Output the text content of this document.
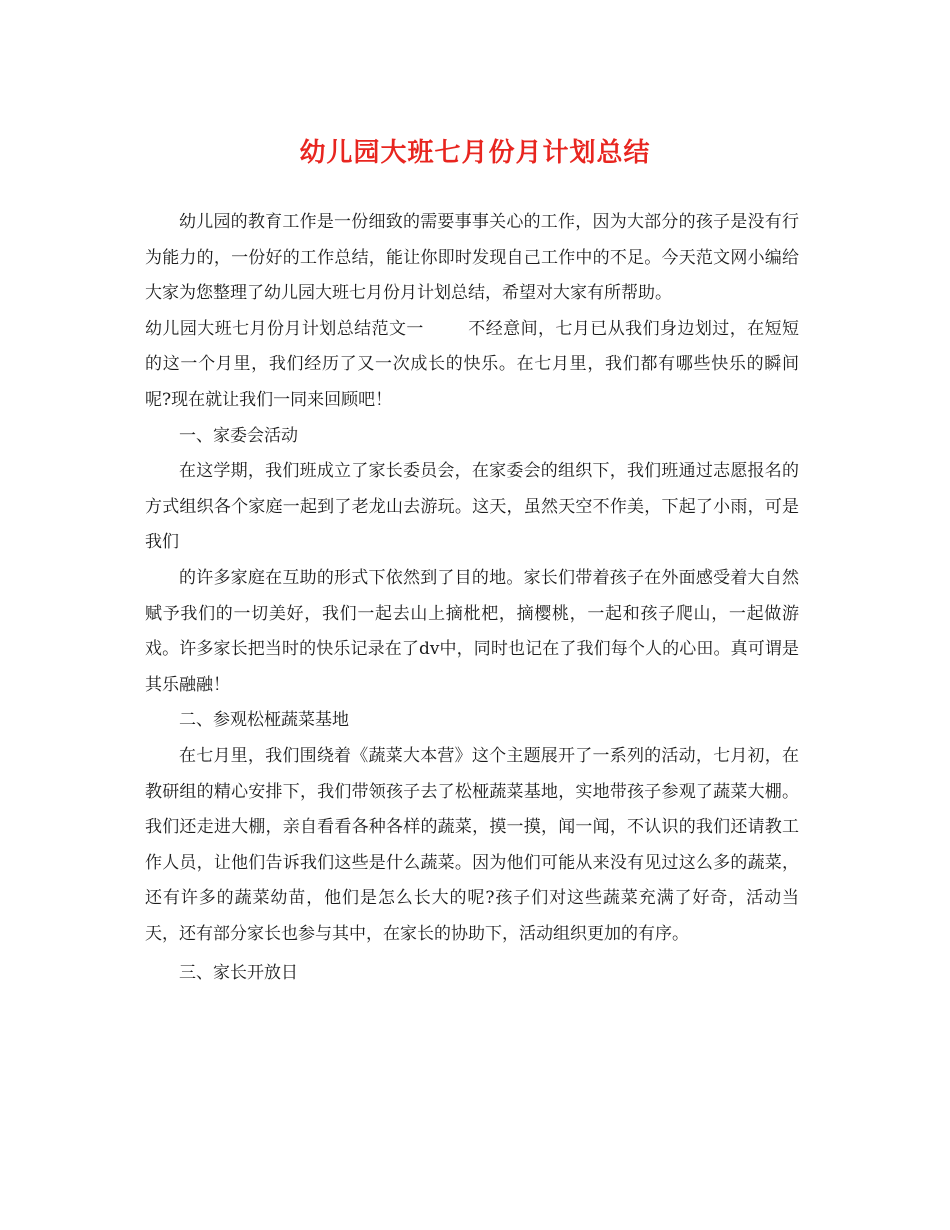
幼儿园大班七月份月计划总结

幼儿园的教育工作是一份细致的需要事事关心的工作，因为大部分的孩子是没有行为能力的，一份好的工作总结，能让你即时发现自己工作中的不足。今天范文网小编给大家为您整理了幼儿园大班七月份月计划总结，希望对大家有所帮助。

幼儿园大班七月份月计划总结范文一	不经意间，七月已从我们身边划过，在短短的这一个月里，我们经历了又一次成长的快乐。在七月里，我们都有哪些快乐的瞬间呢?现在就让我们一同来回顾吧！

一、家委会活动

在这学期，我们班成立了家长委员会，在家委会的组织下，我们班通过志愿报名的方式组织各个家庭一起到了老龙山去游玩。这天，虽然天空不作美，下起了小雨，可是我们

的许多家庭在互助的形式下依然到了目的地。家长们带着孩子在外面感受着大自然赋予我们的一切美好，我们一起去山上摘枇杷，摘樱桃，一起和孩子爬山，一起做游戏。许多家长把当时的快乐记录在了dv中，同时也记在了我们每个人的心田。真可谓是其乐融融！

二、参观松桠蔬菜基地

在七月里，我们围绕着《蔬菜大本营》这个主题展开了一系列的活动，七月初，在教研组的精心安排下，我们带领孩子去了松桠蔬菜基地，实地带孩子参观了蔬菜大棚。我们还走进大棚，亲自看看各种各样的蔬菜，摸一摸，闻一闻，不认识的我们还请教工作人员，让他们告诉我们这些是什么蔬菜。因为他们可能从来没有见过这么多的蔬菜，还有许多的蔬菜幼苗，他们是怎么长大的呢?孩子们对这些蔬菜充满了好奇，活动当天，还有部分家长也参与其中，在家长的协助下，活动组织更加的有序。

三、家长开放日
